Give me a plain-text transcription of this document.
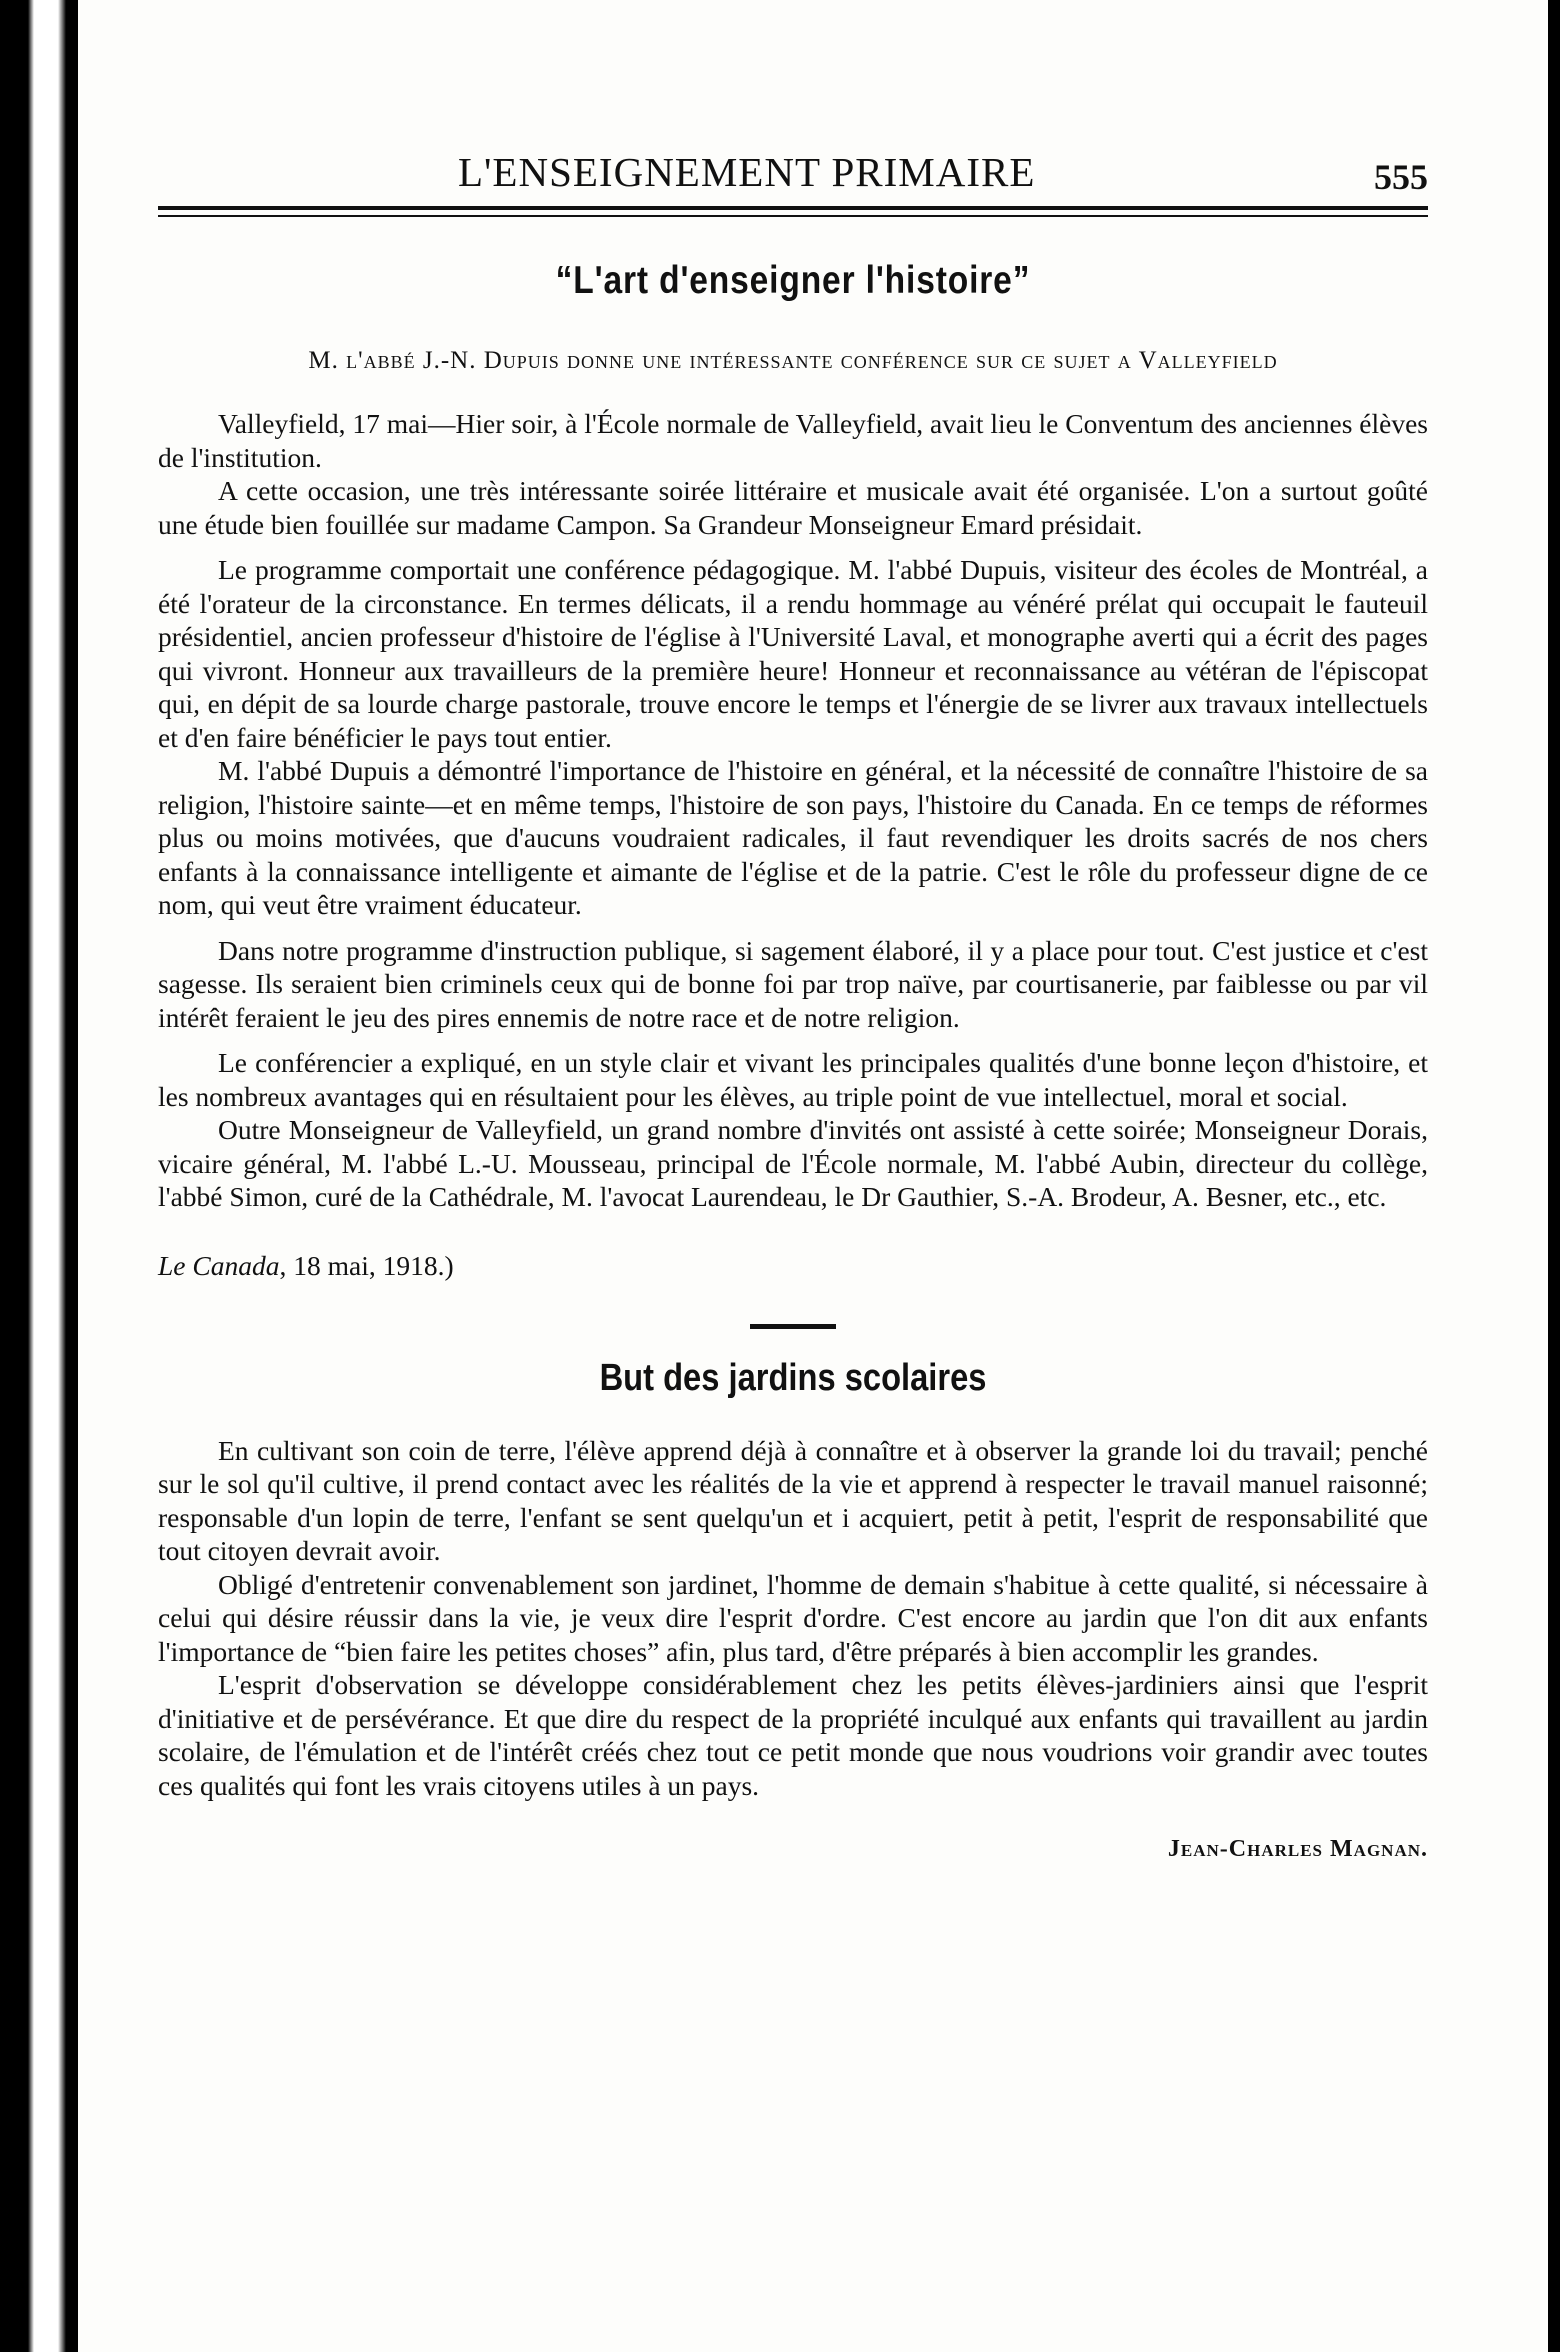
L'ENSEIGNEMENT PRIMAIRE	555
“L'art d'enseigner l'histoire”
M. l'abbé J.-N. Dupuis donne une intéressante conférence sur ce sujet a Valleyfield

Valleyfield, 17 mai—Hier soir, à l'École normale de Valleyfield, avait lieu le Conventum des anciennes élèves de l'institution.

A cette occasion, une très intéressante soirée littéraire et musicale avait été organisée. L'on a surtout goûté une étude bien fouillée sur madame Campon. Sa Grandeur Monseigneur Emard présidait.

Le programme comportait une conférence pédagogique. M. l'abbé Dupuis, visiteur des écoles de Montréal, a été l'orateur de la circonstance. En termes délicats, il a rendu hommage au vénéré prélat qui occupait le fauteuil présidentiel, ancien professeur d'histoire de l'église à l'Université Laval, et monographe averti qui a écrit des pages qui vivront. Honneur aux travailleurs de la première heure! Honneur et reconnaissance au vétéran de l'épiscopat qui, en dépit de sa lourde charge pastorale, trouve encore le temps et l'énergie de se livrer aux travaux intellectuels et d'en faire bénéficier le pays tout entier.

M. l'abbé Dupuis a démontré l'importance de l'histoire en général, et la nécessité de connaître l'histoire de sa religion, l'histoire sainte—et en même temps, l'histoire de son pays, l'histoire du Canada. En ce temps de réformes plus ou moins motivées, que d'aucuns voudraient radicales, il faut revendiquer les droits sacrés de nos chers enfants à la connaissance intelligente et aimante de l'église et de la patrie. C'est le rôle du professeur digne de ce nom, qui veut être vraiment éducateur.

Dans notre programme d'instruction publique, si sagement élaboré, il y a place pour tout. C'est justice et c'est sagesse. Ils seraient bien criminels ceux qui de bonne foi par trop naïve, par courtisanerie, par faiblesse ou par vil intérêt feraient le jeu des pires ennemis de notre race et de notre religion.

Le conférencier a expliqué, en un style clair et vivant les principales qualités d'une bonne leçon d'histoire, et les nombreux avantages qui en résultaient pour les élèves, au triple point de vue intellectuel, moral et social.

Outre Monseigneur de Valleyfield, un grand nombre d'invités ont assisté à cette soirée; Monseigneur Dorais, vicaire général, M. l'abbé L.-U. Mousseau, principal de l'École normale, M. l'abbé Aubin, directeur du collège, l'abbé Simon, curé de la Cathédrale, M. l'avocat Laurendeau, le Dr Gauthier, S.-A. Brodeur, A. Besner, etc., etc.

Le Canada, 18 mai, 1918.)
But des jardins scolaires

En cultivant son coin de terre, l'élève apprend déjà à connaître et à observer la grande loi du travail; penché sur le sol qu'il cultive, il prend contact avec les réalités de la vie et apprend à respecter le travail manuel raisonné; responsable d'un lopin de terre, l'enfant se sent quelqu'un et i acquiert, petit à petit, l'esprit de responsabilité que tout citoyen devrait avoir.

Obligé d'entretenir convenablement son jardinet, l'homme de demain s'habitue à cette qualité, si nécessaire à celui qui désire réussir dans la vie, je veux dire l'esprit d'ordre. C'est encore au jardin que l'on dit aux enfants l'importance de “bien faire les petites choses” afin, plus tard, d'être préparés à bien accomplir les grandes.

L'esprit d'observation se développe considérablement chez les petits élèves-jardiniers ainsi que l'esprit d'initiative et de persévérance. Et que dire du respect de la propriété inculqué aux enfants qui travaillent au jardin scolaire, de l'émulation et de l'intérêt créés chez tout ce petit monde que nous voudrions voir grandir avec toutes ces qualités qui font les vrais citoyens utiles à un pays.

Jean-Charles Magnan.
